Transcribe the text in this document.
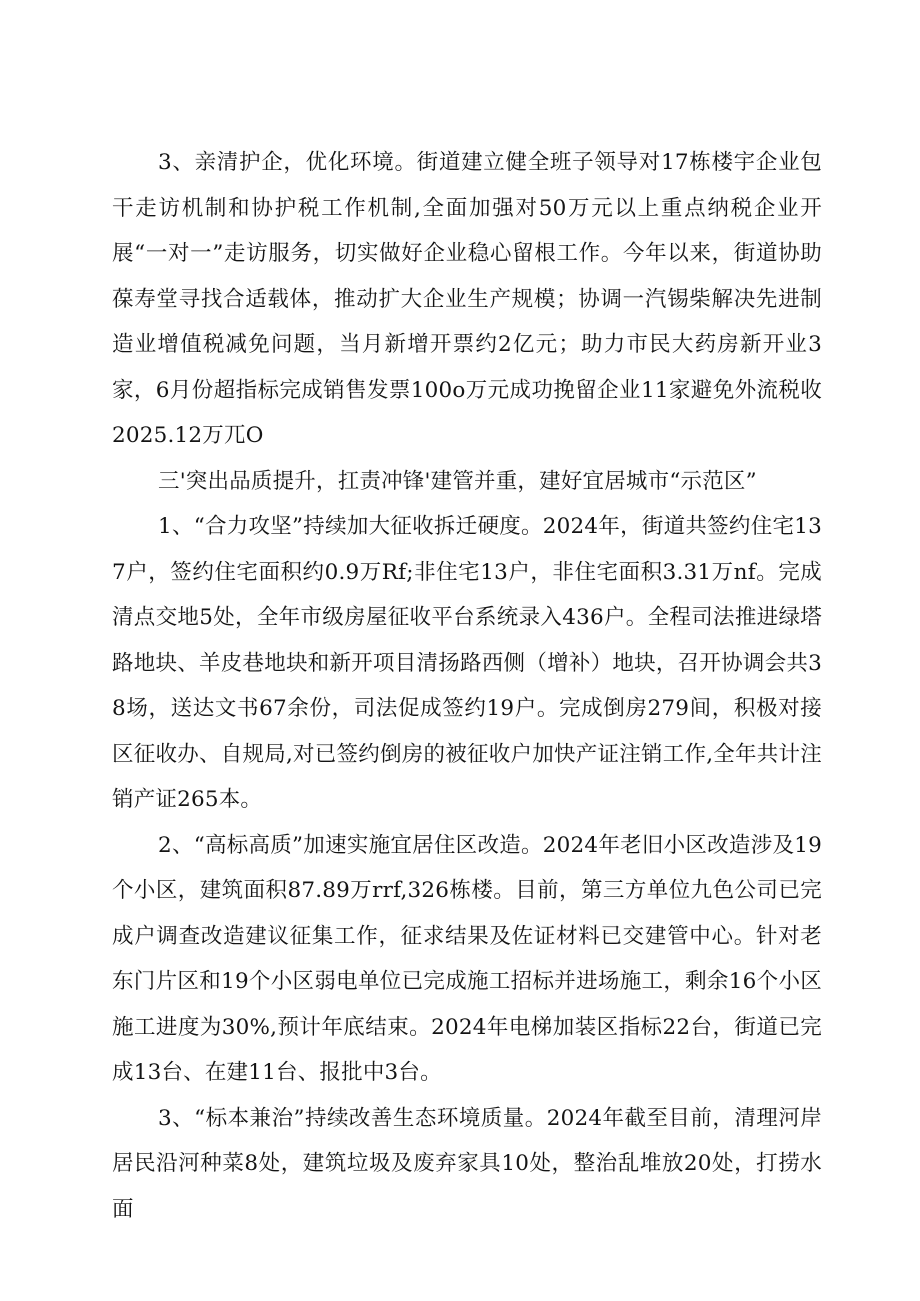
3、亲清护企，优化环境。街道建立健全班子领导对17栋楼宇企业包干走访机制和协护税工作机制,全面加强对50万元以上重点纳税企业开展“一对一”走访服务，切实做好企业稳心留根工作。今年以来，街道协助葆寿堂寻找合适载体，推动扩大企业生产规模；协调一汽锡柴解决先进制造业增值税减免问题，当月新增开票约2亿元；助力市民大药房新开业3家，6月份超指标完成销售发票100o万元成功挽留企业11家避免外流税收2025.12万兀O

三'突出品质提升，扛责冲锋'建管并重，建好宜居城市“示范区”

1、“合力攻坚”持续加大征收拆迁硬度。2024年，街道共签约住宅137户，签约住宅面积约0.9万Rf;非住宅13户，非住宅面积3.31万nf。完成清点交地5处，全年市级房屋征收平台系统录入436户。全程司法推进绿塔路地块、羊皮巷地块和新开项目清扬路西侧（增补）地块，召开协调会共38场，送达文书67余份，司法促成签约19户。完成倒房279间，积极对接区征收办、自规局,对已签约倒房的被征收户加快产证注销工作,全年共计注销产证265本。

2、“高标高质”加速实施宜居住区改造。2024年老旧小区改造涉及19个小区，建筑面积87.89万rrf,326栋楼。目前，第三方单位九色公司已完成户调查改造建议征集工作，征求结果及佐证材料已交建管中心。针对老东门片区和19个小区弱电单位已完成施工招标并进场施工，剩余16个小区施工进度为30%,预计年底结束。2024年电梯加装区指标22台，街道已完成13台、在建11台、报批中3台。

3、“标本兼治”持续改善生态环境质量。2024年截至目前，清理河岸居民沿河种菜8处，建筑垃圾及废弃家具10处，整治乱堆放20处，打捞水面
